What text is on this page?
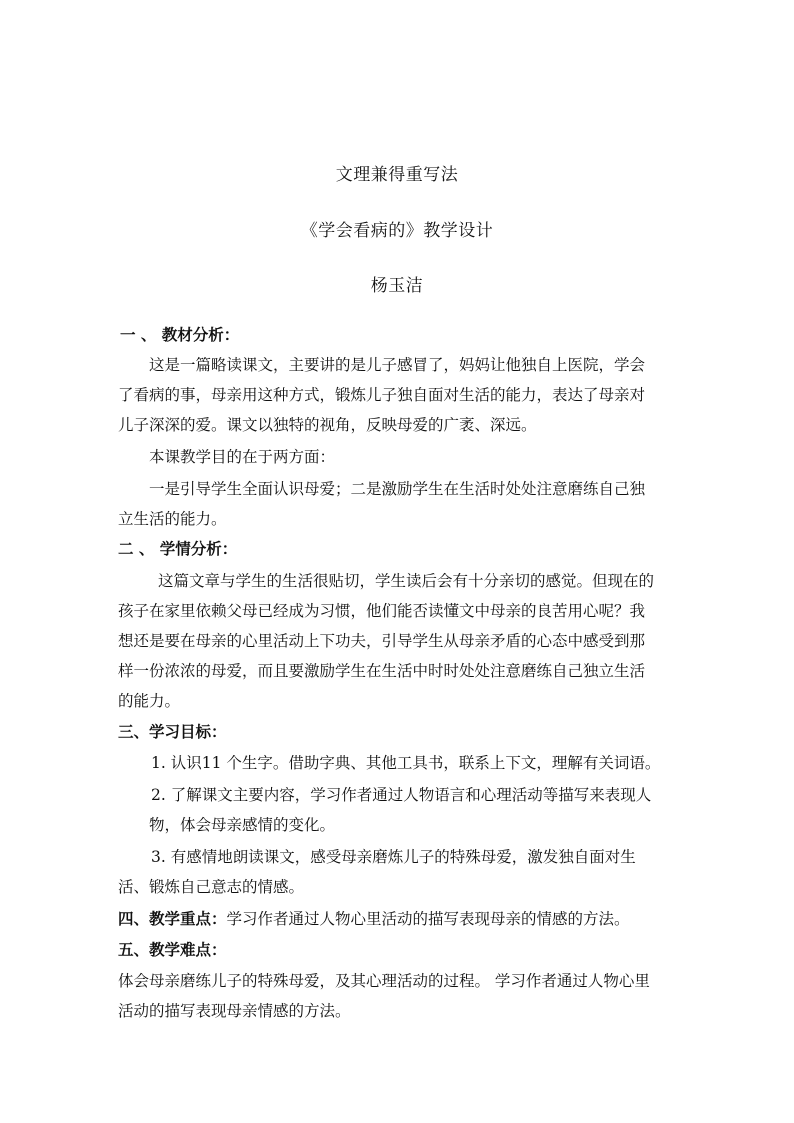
文理兼得重写法
《学会看病的》教学设计
杨玉洁
一 、 教材分析：
这是一篇略读课文，主要讲的是儿子感冒了，妈妈让他独自上医院，学会
了看病的事，母亲用这种方式，锻炼儿子独自面对生活的能力，表达了母亲对
儿子深深的爱。课文以独特的视角，反映母爱的广袤、深远。
本课教学目的在于两方面：
一是引导学生全面认识母爱；二是激励学生在生活时处处注意磨练自己独
立生活的能力。
二 、 学情分析：
这篇文章与学生的生活很贴切，学生读后会有十分亲切的感觉。但现在的
孩子在家里依赖父母已经成为习惯，他们能否读懂文中母亲的良苦用心呢？我
想还是要在母亲的心里活动上下功夫，引导学生从母亲矛盾的心态中感受到那
样一份浓浓的母爱，而且要激励学生在生活中时时处处注意磨练自己独立生活
的能力。
三、学习目标：
1. 认识11 个生字。借助字典、其他工具书，联系上下文，理解有关词语。
2. 了解课文主要内容，学习作者通过人物语言和心理活动等描写来表现人
物，体会母亲感情的变化。
3. 有感情地朗读课文，感受母亲磨炼儿子的特殊母爱，激发独自面对生
活、锻炼自己意志的情感。
四、教学重点：学习作者通过人物心里活动的描写表现母亲的情感的方法。
五、教学难点：
体会母亲磨练儿子的特殊母爱，及其心理活动的过程。 学习作者通过人物心里
活动的描写表现母亲情感的方法。
